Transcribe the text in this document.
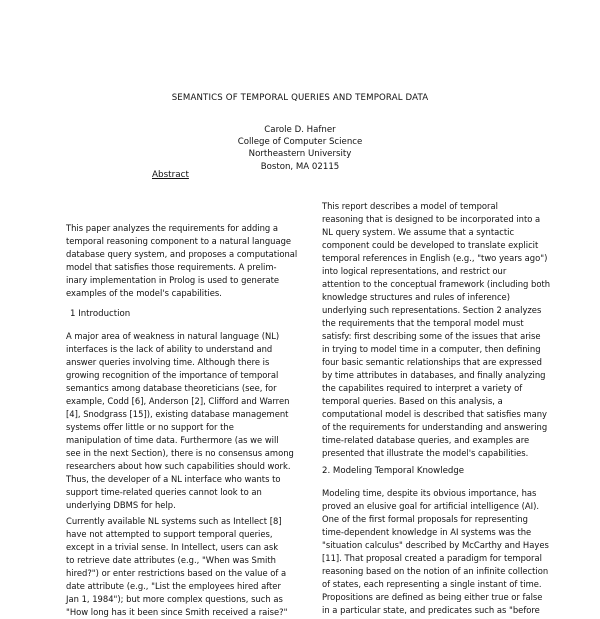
SEMANTICS OF TEMPORAL QUERIES AND TEMPORAL DATA
Carole D. Hafner
College of Computer Science
Northeastern University
Boston, MA 02115
Abstract
This paper analyzes the requirements for adding a
temporal reasoning component to a natural language
database query system, and proposes a computational
model that satisfies those requirements. A prelim-
inary implementation in Prolog is used to generate
examples of the model's capabilities.
1 Introduction
A major area of weakness in natural language (NL)
interfaces is the lack of ability to understand and
answer queries involving time. Although there is
growing recognition of the importance of temporal
semantics among database theoreticians (see, for
example, Codd [6], Anderson [2], Clifford and Warren
[4], Snodgrass [15]), existing database management
systems offer little or no support for the
manipulation of time data. Furthermore (as we will
see in the next Section), there is no consensus among
researchers about how such capabilities should work.
Thus, the developer of a NL interface who wants to
support time-related queries cannot look to an
underlying DBMS for help.
Currently available NL systems such as Intellect [8]
have not attempted to support temporal queries,
except in a trivial sense. In Intellect, users can ask
to retrieve date attributes (e.g., "When was Smith
hired?") or enter restrictions based on the value of a
date attribute (e.g., "List the employees hired after
Jan 1, 1984"); but more complex questions, such as
"How long has it been since Smith received a raise?"
This report describes a model of temporal
reasoning that is designed to be incorporated into a
NL query system. We assume that a syntactic
component could be developed to translate explicit
temporal references in English (e.g., "two years ago")
into logical representations, and restrict our
attention to the conceptual framework (including both
knowledge structures and rules of inference)
underlying such representations. Section 2 analyzes
the requirements that the temporal model must
satisfy: first describing some of the issues that arise
in trying to model time in a computer, then defining
four basic semantic relationships that are expressed
by time attributes in databases, and finally analyzing
the capabilites required to interpret a variety of
temporal queries. Based on this analysis, a
computational model is described that satisfies many
of the requirements for understanding and answering
time-related database queries, and examples are
presented that illustrate the model's capabilities.
2. Modeling Temporal Knowledge
Modeling time, despite its obvious importance, has
proved an elusive goal for artificial intelligence (AI).
One of the first formal proposals for representing
time-dependent knowledge in AI systems was the
"situation calculus" described by McCarthy and Hayes
[11]. That proposal created a paradigm for temporal
reasoning based on the notion of an infinite collection
of states, each representing a single instant of time.
Propositions are defined as being either true or false
in a particular state, and predicates such as "before
